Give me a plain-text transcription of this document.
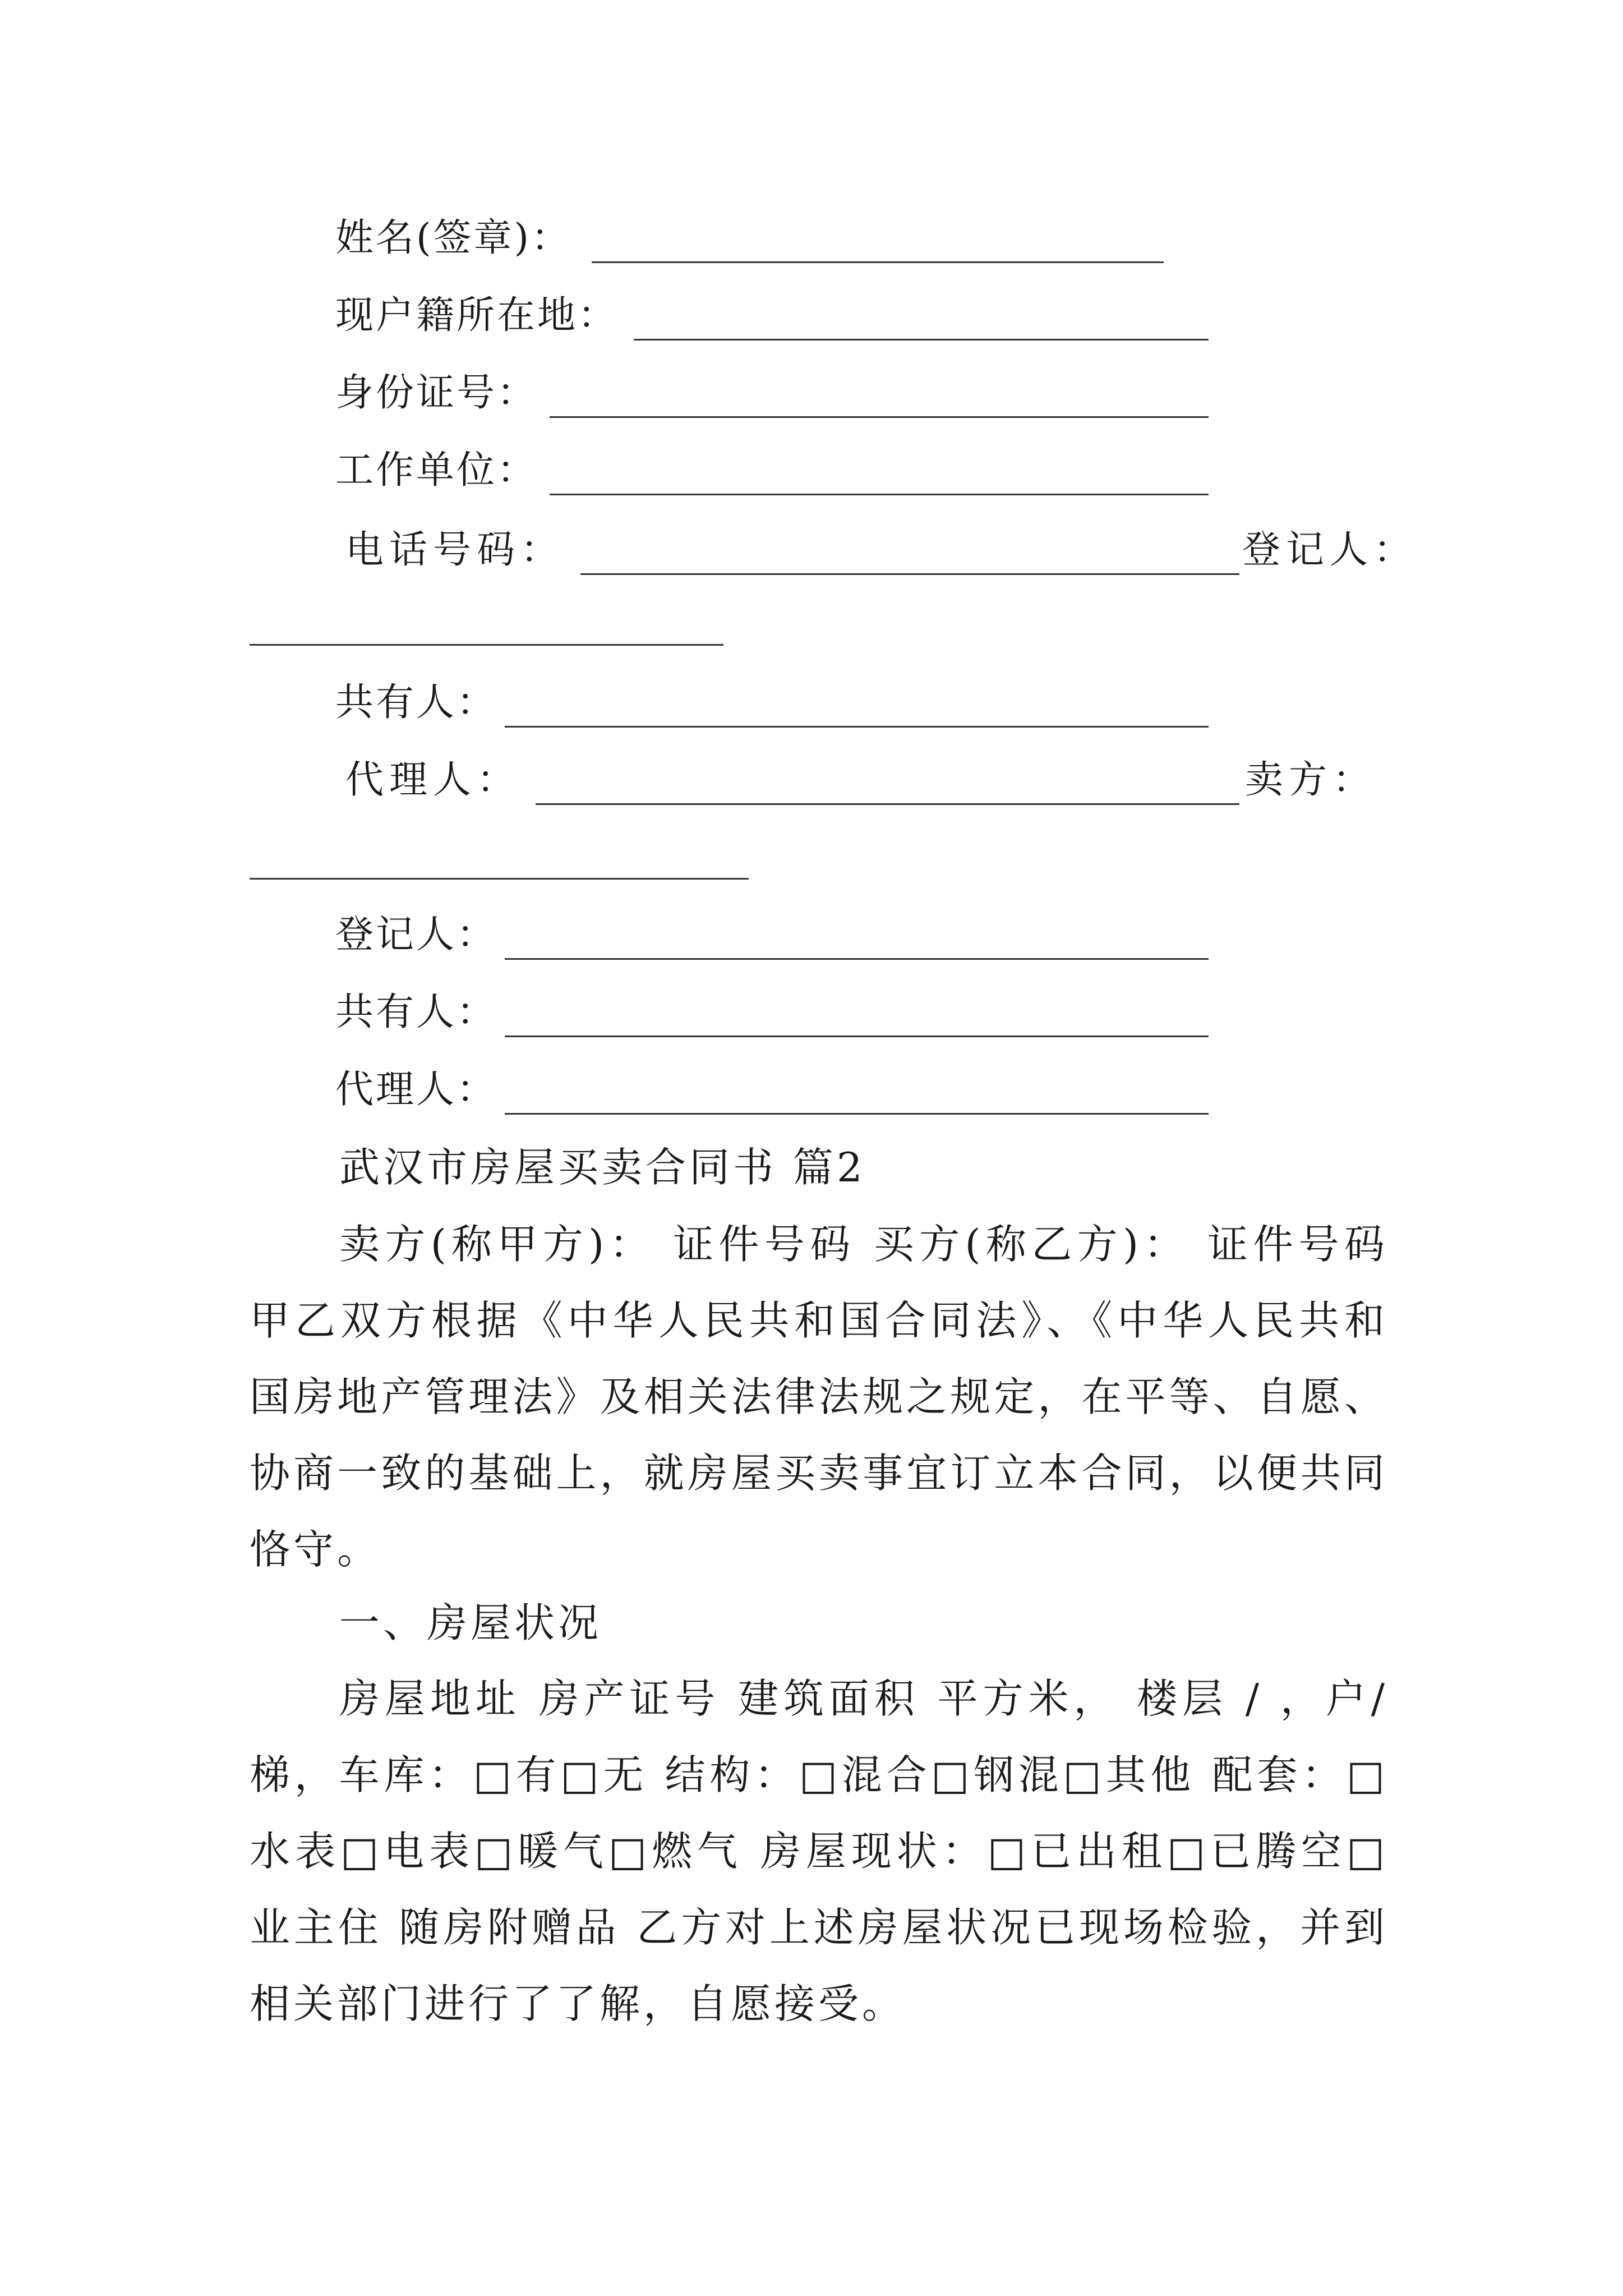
姓名(签章)：
现户籍所在地：
身份证号：
工作单位：
电话号码：	登记人：
共有人：
代理人：	卖方：
登记人：
共有人：
代理人：
武汉市房屋买卖合同书 篇2
卖方(称甲方)： 证件号码 买方(称乙方)： 证件号码 甲乙双方根据《中华人民共和国合同法》、《中华人民共和国房地产管理法》及相关法律法规之规定，在平等、自愿、协商一致的基础上，就房屋买卖事宜订立本合同，以便共同恪守。
一、房屋状况
房屋地址 房产证号 建筑面积 平方米， 楼层 / ，户/梯，车库：□有□无 结构：□混合□钢混□其他 配套：□水表□电表□暖气□燃气 房屋现状：□已出租□已腾空□业主住 随房附赠品 乙方对上述房屋状况已现场检验，并到相关部门进行了了解，自愿接受。
